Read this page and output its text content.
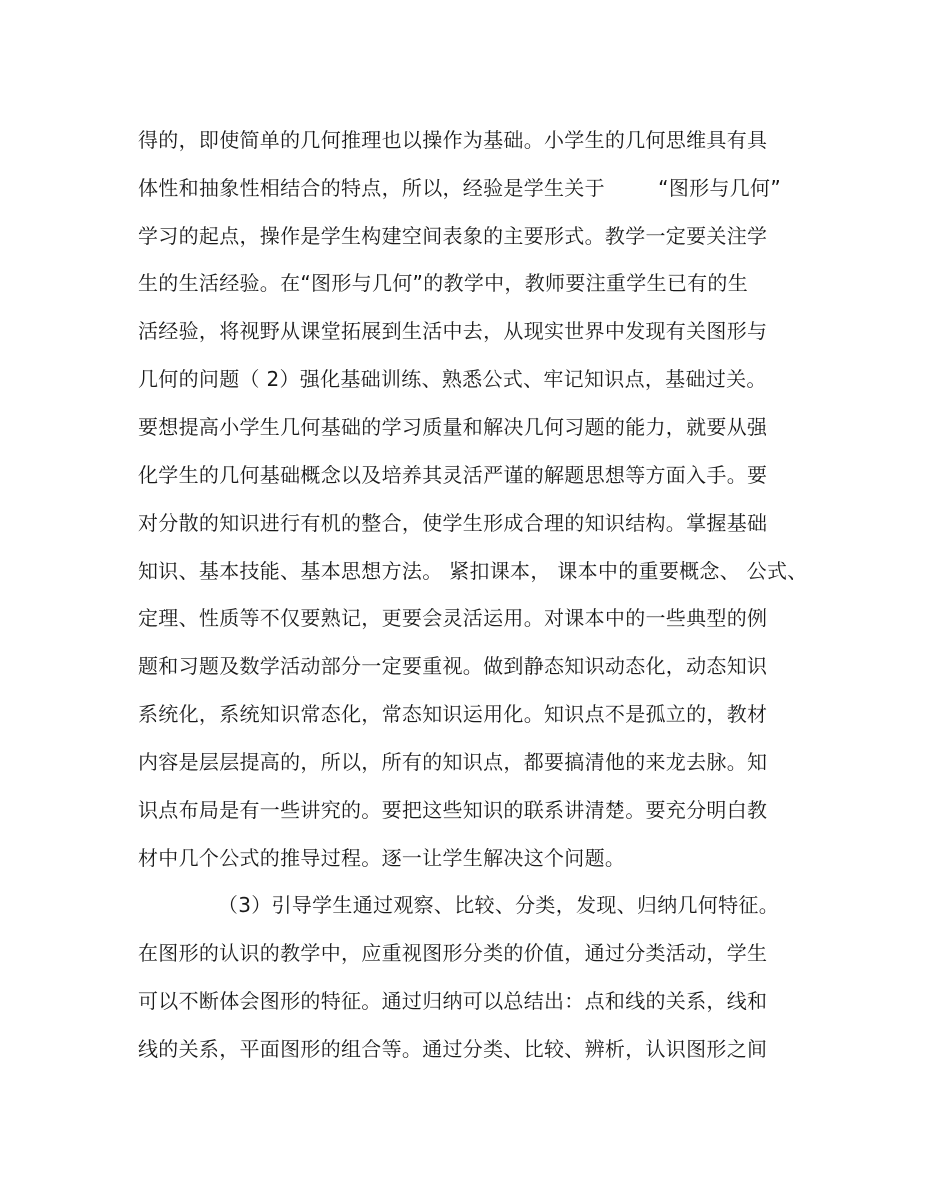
得的，即使简单的几何推理也以操作为基础。小学生的几何思维具有具
体性和抽象性相结合的特点，所以，经验是学生关于        “图形与几何”
学习的起点，操作是学生构建空间表象的主要形式。教学一定要关注学
生的生活经验。在“图形与几何”的教学中，教师要注重学生已有的生
活经验，将视野从课堂拓展到生活中去，从现实世界中发现有关图形与
几何的问题（ 2）强化基础训练、熟悉公式、牢记知识点，基础过关。
要想提高小学生几何基础的学习质量和解决几何习题的能力，就要从强
化学生的几何基础概念以及培养其灵活严谨的解题思想等方面入手。要
对分散的知识进行有机的整合，使学生形成合理的知识结构。掌握基础
知识、基本技能、基本思想方法。 紧扣课本， 课本中的重要概念、 公式、
定理、性质等不仅要熟记，更要会灵活运用。对课本中的一些典型的例
题和习题及数学活动部分一定要重视。做到静态知识动态化，动态知识
系统化，系统知识常态化，常态知识运用化。知识点不是孤立的，教材
内容是层层提高的，所以，所有的知识点，都要搞清他的来龙去脉。知
识点布局是有一些讲究的。要把这些知识的联系讲清楚。要充分明白教
材中几个公式的推导过程。逐一让学生解决这个问题。
（3）引导学生通过观察、比较、分类，发现、归纳几何特征。
在图形的认识的教学中，应重视图形分类的价值，通过分类活动，学生
可以不断体会图形的特征。通过归纳可以总结出：点和线的关系，线和
线的关系，平面图形的组合等。通过分类、比较、辨析，认识图形之间
